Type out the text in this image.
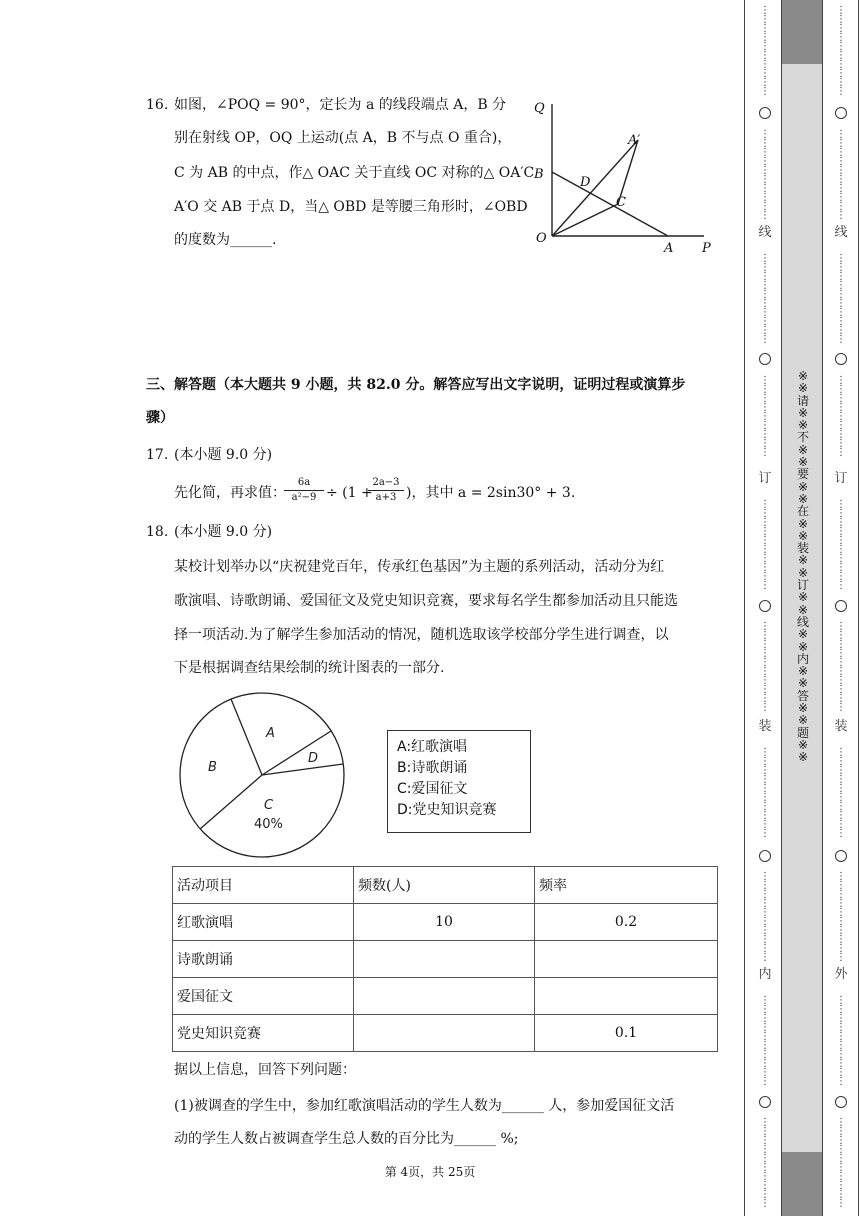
16. 如图，∠POQ = 90°，定长为 a 的线段端点 A，B 分
别在射线 OP，OQ 上运动(点 A，B 不与点 O 重合)，
C 为 AB 的中点，作△ OAC 关于直线 OC 对称的△ OA′C
A′O 交 AB 于点 D，当△ OBD 是等腰三角形时，∠OBD
的度数为______.
Q
B
O
A P
A′
C
D
三、解答题（本大题共 9 小题，共 82.0 分。解答应写出文字说明，证明过程或演算步
骤）
17. (本小题 9.0 分)
先化简，再求值：
6a
a²−9 ÷ (1 +
2a−3
a+3 )，其中 a = 2sin30° + 3.
18. (本小题 9.0 分)
某校计划举办以“庆祝建党百年，传承红色基因”为主题的系列活动，活动分为红
歌演唱、诗歌朗诵、爱国征文及党史知识竞赛，要求每名学生都参加活动且只能选
择一项活动.为了解学生参加活动的情况，随机选取该学校部分学生进行调查，以
下是根据调查结果绘制的统计图表的一部分.
A
B
D
C
40%
A:红歌演唱
B:诗歌朗诵
C:爱国征文
D:党史知识竞赛
活动项目	频数(人)	频率
红歌演唱	10	0.2
诗歌朗诵		
爱国征文		
党史知识竞赛		0.1
据以上信息，回答下列问题：
(1)被调查的学生中，参加红歌演唱活动的学生人数为______ 人，参加爱国征文活
动的学生人数占被调查学生总人数的百分比为______ %;
第 4页，共 25页
※※请※※不※※要※※在※※装※※订※※线※※内※※答※※题※※
⋮
⋮
⋮
⋮
⋮
⋮
⋮
⋮
⋮
⋮
⋮
⋮
⋮
⋮
⋮
⋮
⋮
⋮
⋮
⋮
线
⋮
⋮
⋮
⋮
⋮
⋮
⋮
⋮
⋮
⋮
⋮
⋮
⋮
⋮
⋮
⋮
⋮
⋮
⋮
订
⋮
⋮
⋮
⋮
⋮
⋮
⋮
⋮
⋮
⋮
⋮
⋮
⋮
⋮
⋮
⋮
⋮
⋮
⋮
⋮
装
⋮
⋮
⋮
⋮
⋮
⋮
⋮
⋮
⋮
⋮
⋮
⋮
⋮
⋮
⋮
⋮
⋮
⋮
⋮
⋮
内
⋮
⋮
⋮
⋮
⋮
⋮
⋮
⋮
⋮
⋮
⋮
⋮
⋮
⋮
⋮
⋮
⋮
⋮
⋮
⋮
⋮
⋮
⋮
⋮
⋮
⋮
⋮
⋮
⋮
⋮
⋮
⋮
⋮
⋮
⋮
⋮
⋮
⋮
⋮
⋮
线
⋮
⋮
⋮
⋮
⋮
⋮
⋮
⋮
⋮
⋮
⋮
⋮
⋮
⋮
⋮
⋮
⋮
⋮
⋮
订
⋮
⋮
⋮
⋮
⋮
⋮
⋮
⋮
⋮
⋮
⋮
⋮
⋮
⋮
⋮
⋮
⋮
⋮
⋮
⋮
装
⋮
⋮
⋮
⋮
⋮
⋮
⋮
⋮
⋮
⋮
⋮
⋮
⋮
⋮
⋮
⋮
⋮
⋮
⋮
⋮
外
⋮
⋮
⋮
⋮
⋮
⋮
⋮
⋮
⋮
⋮
⋮
⋮
⋮
⋮
⋮
⋮
⋮
⋮
⋮
⋮
